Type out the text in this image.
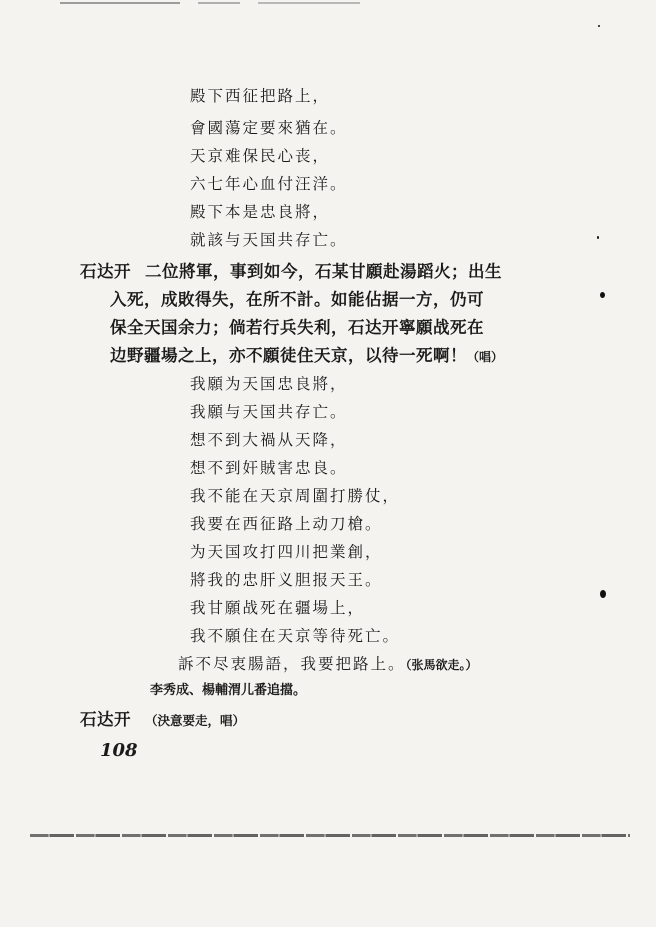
殿下西征把路上，
會國蕩定要來猶在。
天京难保民心丧，
六七年心血付汪洋。
殿下本是忠良將，
就該与天国共存亡。
石达开 二位將軍，事到如今，石某甘願赴湯蹈火；出生
入死，成敗得失，在所不計。如能佔据一方，仍可
保全天国余力；倘若行兵失利，石达开寧願战死在
边野疆場之上，亦不願徒住天京，以待一死啊！（唱）
我願为天国忠良將，
我願与天国共存亡。
想不到大禍从天降，
想不到奸賊害忠良。
我不能在天京周圍打勝仗，
我要在西征路上动刀槍。
为天国攻打四川把業創，
將我的忠肝义胆报天王。
我甘願战死在疆場上，
我不願住在天京等待死亡。
訴不尽衷腸語，我要把路上。（张馬欲走。）
李秀成、楊輔渭儿番追擋。
石达开 （決意要走，唱）
108
